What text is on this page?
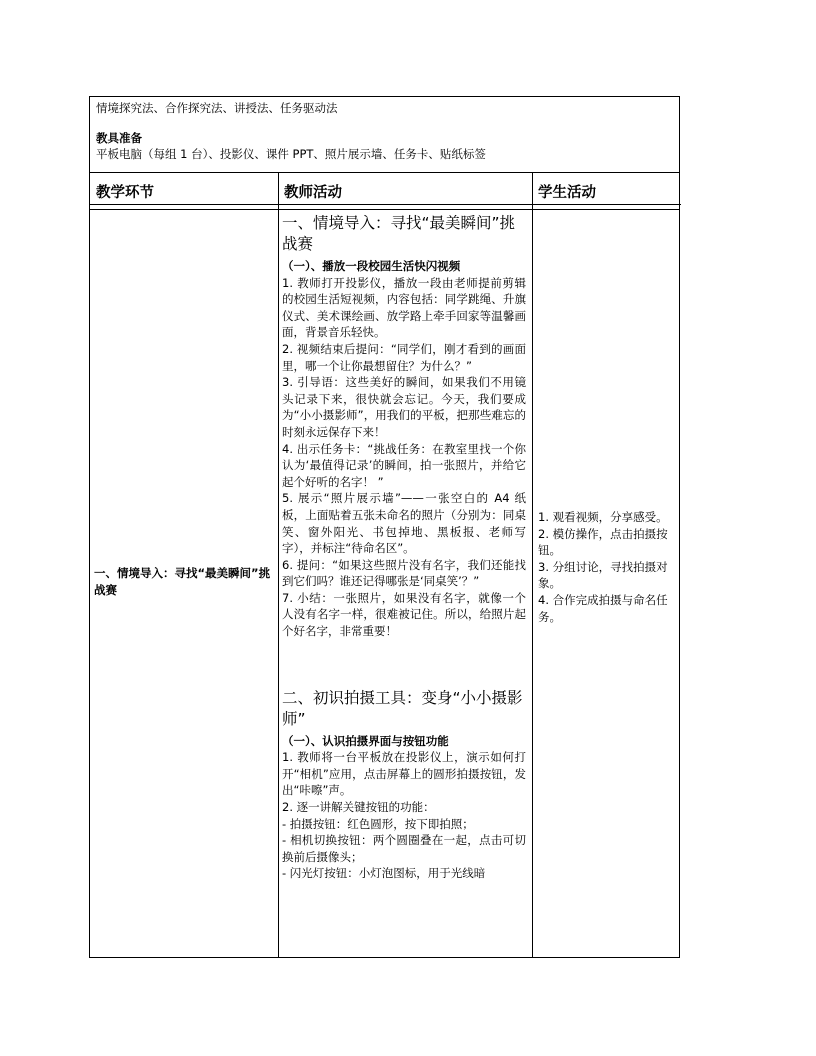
情境探究法、合作探究法、讲授法、任务驱动法
教具准备
平板电脑（每组 1 台）、投影仪、课件 PPT、照片展示墙、任务卡、贴纸标签
教学环节	教师活动	学生活动
一、情境导入：寻找“最美瞬间”挑战赛
一、情境导入：寻找“最美瞬间”挑战赛

（一）、播放一段校园生活快闪视频

1. 教师打开投影仪，播放一段由老师提前剪辑的校园生活短视频，内容包括：同学跳绳、升旗仪式、美术课绘画、放学路上牵手回家等温馨画面，背景音乐轻快。

2. 视频结束后提问：“同学们，刚才看到的画面里，哪一个让你最想留住？为什么？”

3. 引导语：这些美好的瞬间，如果我们不用镜头记录下来，很快就会忘记。今天，我们要成为“小小摄影师”，用我们的平板，把那些难忘的时刻永远保存下来！

4. 出示任务卡：“挑战任务：在教室里找一个你认为‘最值得记录’的瞬间，拍一张照片，并给它起个好听的名字！ ”

5. 展示“照片展示墙”——一张空白的 A4 纸板，上面贴着五张未命名的照片（分别为：同桌笑、窗外阳光、书包掉地、黑板报、老师写字），并标注“待命名区”。

6. 提问：“如果这些照片没有名字，我们还能找到它们吗？谁还记得哪张是‘同桌笑’？”

7. 小结：一张照片，如果没有名字，就像一个人没有名字一样，很难被记住。所以，给照片起个好名字，非常重要！

二、初识拍摄工具：变身“小小摄影师”

（一）、认识拍摄界面与按钮功能

1. 教师将一台平板放在投影仪上，演示如何打开“相机”应用，点击屏幕上的圆形拍摄按钮，发出“咔嚓”声。

2. 逐一讲解关键按钮的功能：

- 拍摄按钮：红色圆形，按下即拍照；

- 相机切换按钮：两个圆圈叠在一起，点击可切换前后摄像头；

- 闪光灯按钮：小灯泡图标，用于光线暗

1. 观看视频，分享感受。

2. 模仿操作，点击拍摄按钮。

3. 分组讨论，寻找拍摄对象。

4. 合作完成拍摄与命名任务。
